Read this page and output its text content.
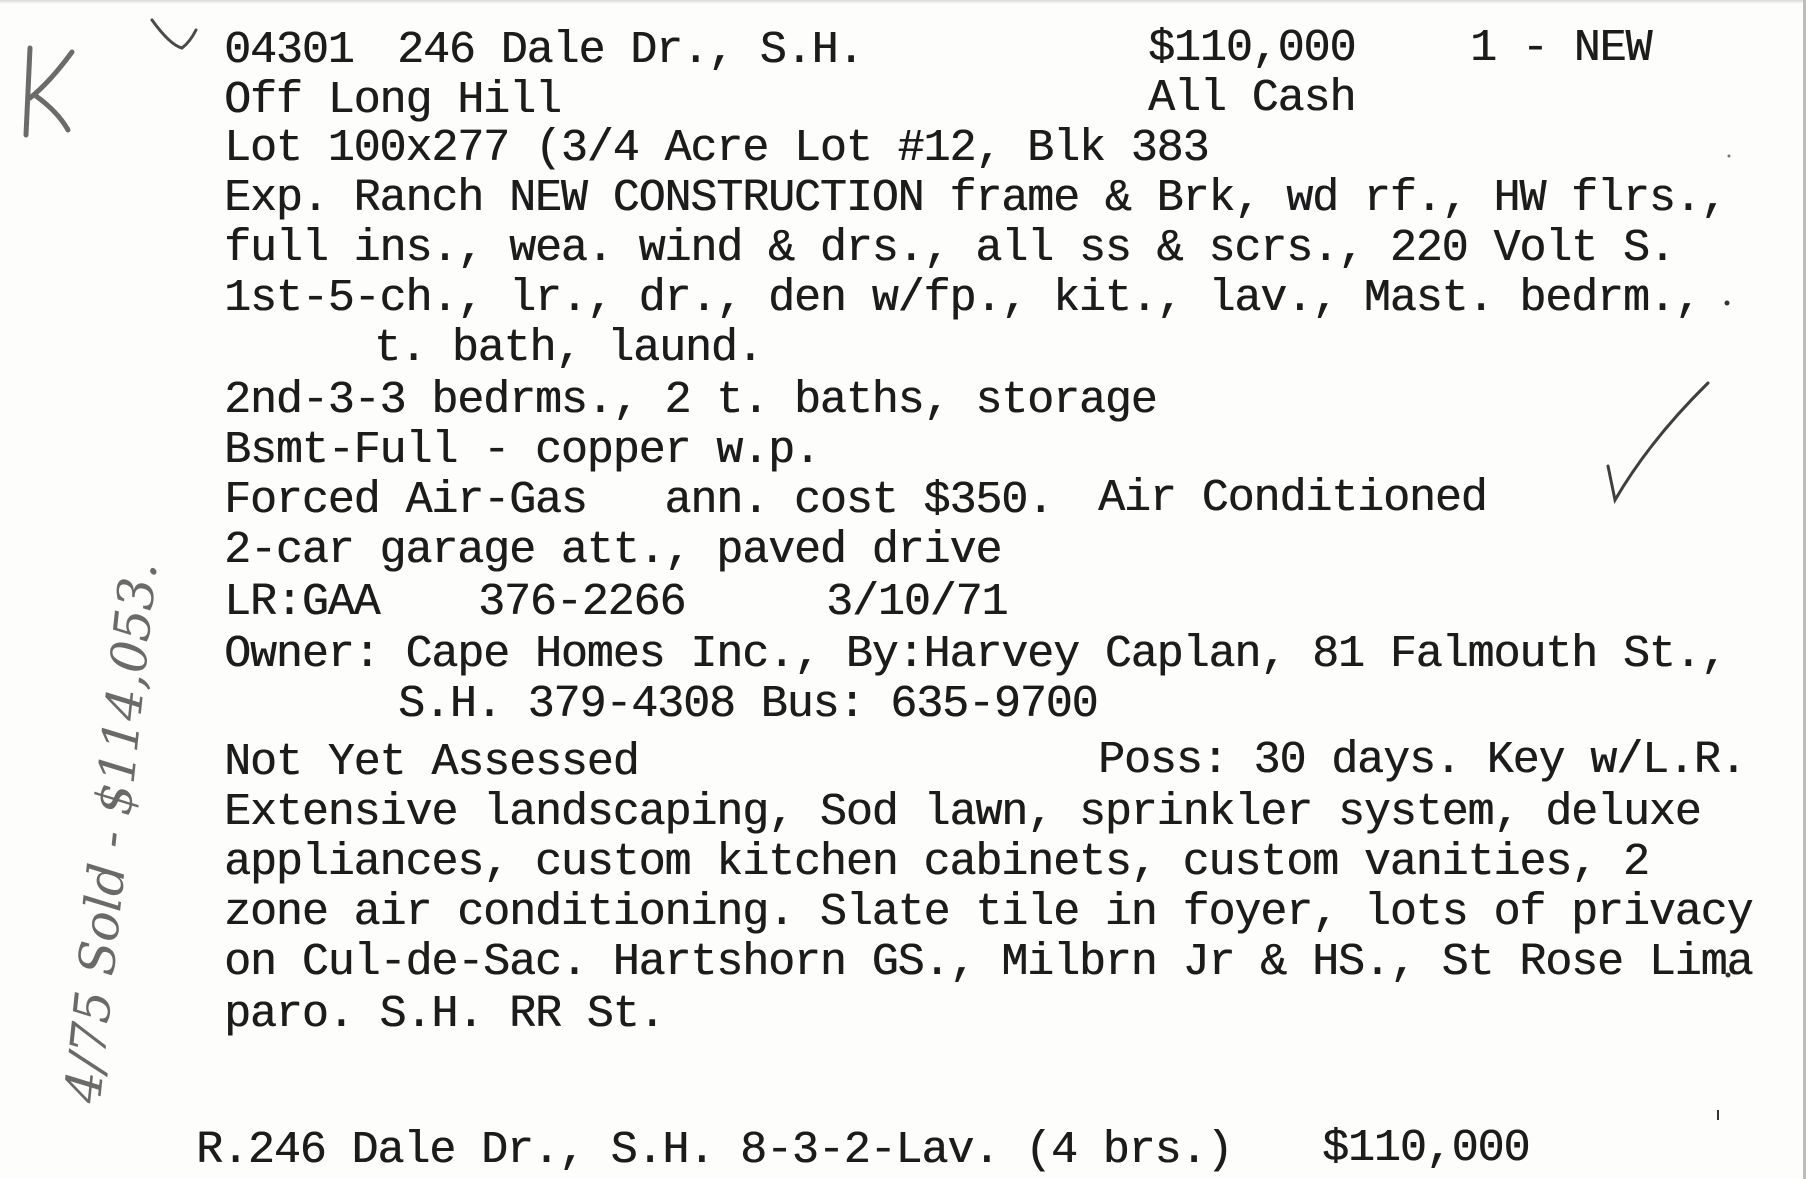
4/75 Sold - $114,053.
04301 246 Dale Dr., S.H.	$110,000	1 - NEW
Off Long Hill	All Cash
Lot 100x277 (3/4 Acre Lot #12, Blk 383
Exp. Ranch NEW CONSTRUCTION frame & Brk, wd rf., HW flrs.,
full ins., wea. wind & drs., all ss & scrs., 220 Volt S.
1st-5-ch., lr., dr., den w/fp., kit., lav., Mast. bedrm.,
t. bath, laund.
2nd-3-3 bedrms., 2 t. baths, storage
Bsmt-Full - copper w.p.
Forced Air-Gas   ann. cost $350. Air Conditioned
2-car garage att., paved drive
LR:GAA 376-2266	3/10/71
Owner: Cape Homes Inc., By:Harvey Caplan, 81 Falmouth St.,
S.H. 379-4308 Bus: 635-9700
Not Yet Assessed	Poss: 30 days. Key w/L.R.
Extensive landscaping, Sod lawn, sprinkler system, deluxe
appliances, custom kitchen cabinets, custom vanities, 2
zone air conditioning. Slate tile in foyer, lots of privacy
on Cul-de-Sac. Hartshorn GS., Milbrn Jr & HS., St Rose Lima
paro. S.H. RR St.
R.246 Dale Dr., S.H. 8-3-2-Lav. (4 brs.) $110,000
